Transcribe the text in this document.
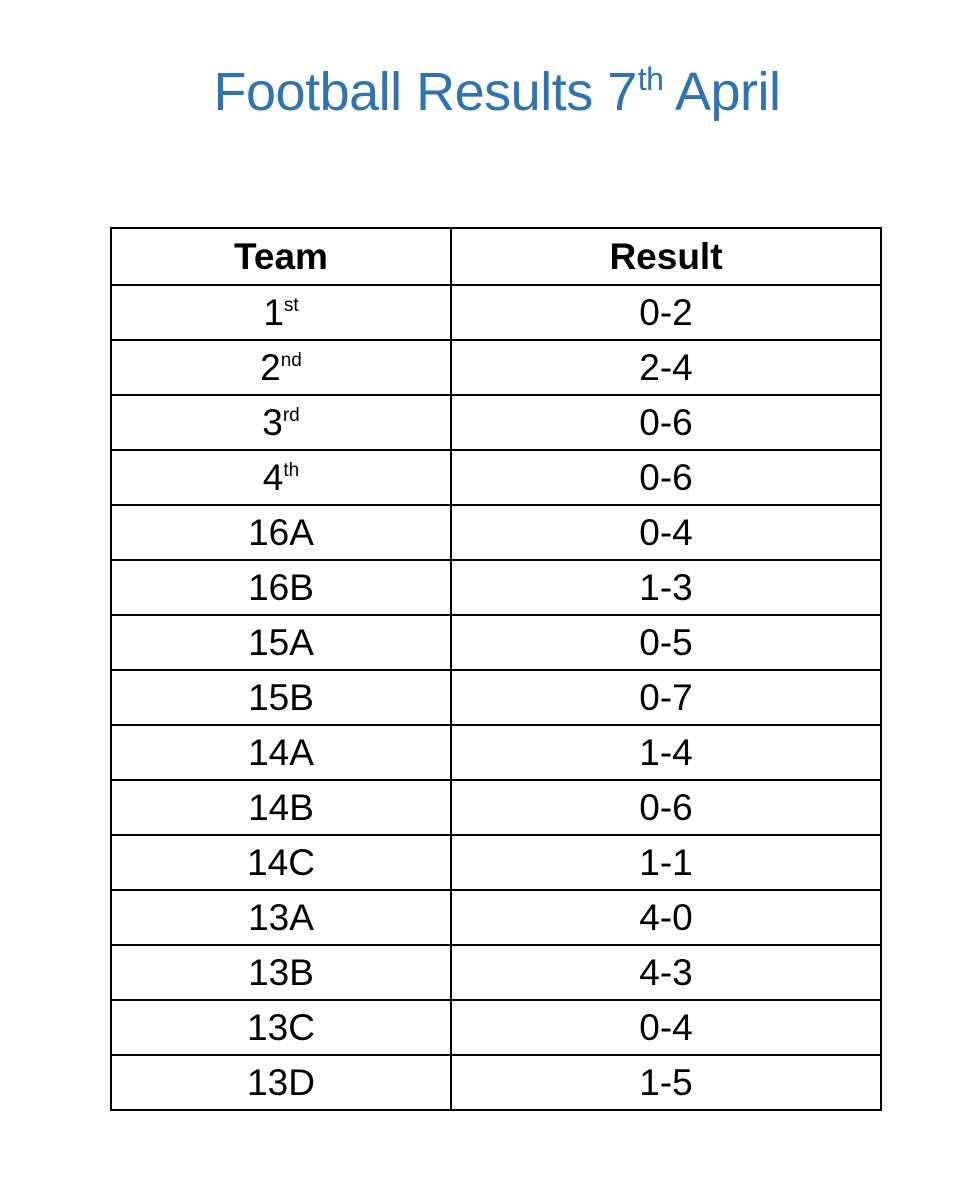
Football Results 7th April
Team	Result
1st	0-2
2nd	2-4
3rd	0-6
4th	0-6
16A	0-4
16B	1-3
15A	0-5
15B	0-7
14A	1-4
14B	0-6
14C	1-1
13A	4-0
13B	4-3
13C	0-4
13D	1-5
